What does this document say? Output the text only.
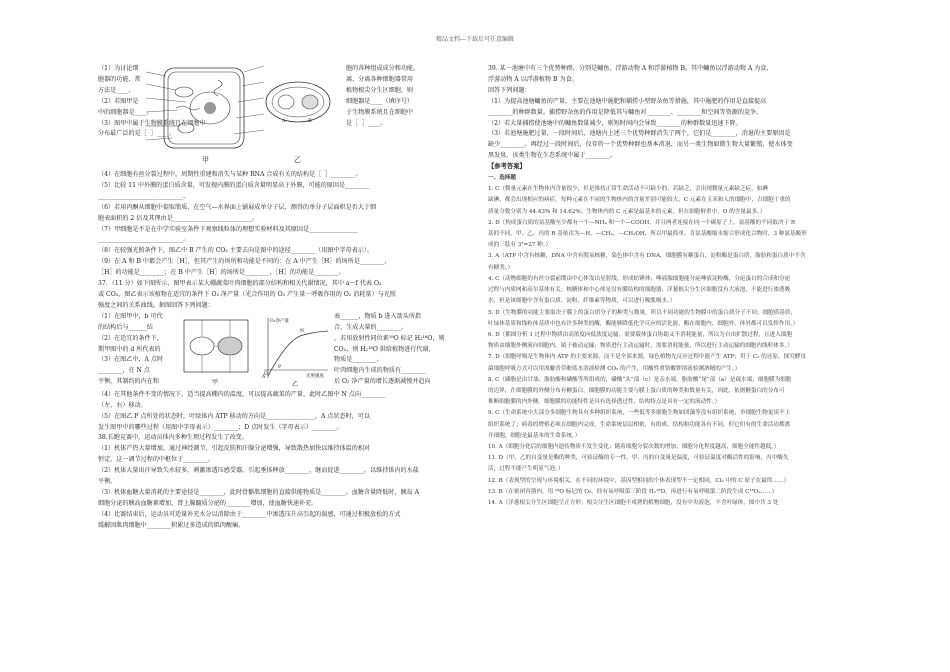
精品文档---下载后可任意编辑

（1）为讨论细

胞器的功能，常

方法是____。

（2）若图甲是

中的细胞器是____。

（3）图甲中属于生物膜系统且在细胞中

分布最广泛的是［  ］____。

甲
A	B
乙

胞的各种组成成分和功能，

离、分离各种细胞器常用

植物根尖分生区细胞，则

细胞器是____（填序号）

于生物膜系统且在细胞中

是［  ］____。

（4）在细胞有丝分裂过程中，周期性重建和消失与某种 RNA 合成有关的结构是［  ］________。

（5）比较 11 中外膜的蛋白质含量，可发现内膜的蛋白质含量明显高于外膜，可能的原因是________

____________________________。

（6）若用丙酮从细胞中提取脂质，在空气—水界面上铺展成单分子层，测得的单分子层面积是否大于细

胞表面积的 2 倍及其理由是__________________________。

（7）甲细胞是不是在中学实验室条件下观察线粒体的理想实验材料及其原因是________________

____________________________。

（8）在较强光照条件下，图乙中 B 产生的 CO₂ 主要去向是图中的途径________（用图中字母表示）。

（9）在 A 和 B 中都会产生［H］，但其产生的场所和功能是不同的：在 A 中产生［H］的场所是________，

［H］的功能是________；在 B 中产生［H］的场所是________，［H］的功能是________。

37．（11 分）如下图所示，图甲表示某大棚蔬菜叶肉细胞的部分结构和相关代谢情况，其中 a～f 代表 O₂

或 CO₂，图乙表示该植物在适宜的条件下 O₂ 净产量（光合作用的 O₂ 产生量－呼吸作用的 O₂ 消耗量）与光照

强度之间的关系曲线。据图回答下列问题：

（1）在图甲中，b 可代

的结构后与______结

（2）在适宜的条件下，

期甲图中的 d 所代表的

（3）在图乙中，A 点时

________，在 N 点

平衡，其制约的内在和	甲
O₂净产量
光照强度
N
A
P
O
乙

表______，物质 b 进入箭头所指

合，生成大量的________。

，若用放射性同位素¹⁸O 标记 H₂¹⁸O，则

CO₂，则 H₂¹⁸O 供给植物进行代谢，

物质是________。

叶肉细胞内生成的物质有________

后 O₂ 净产量的增长逐渐减慢并趋向

（4）在其他条件不变的情况下，适当提高棚内的温度，可以提高蔬菜的产量，此时乙图中 N 点向________

（左、右）移动。

（5）在图乙 P 点所处的状态时，叶绿体内 ATP 移动的方向是________________，A 点状态时，可以

发生图甲中的哪些过程（用图中字母表示）________；D 点时发生（字母表示）________。

38.长跑竞赛中，运动员体内多种生理过程发生了改变。

（1）机体产热大量增加，通过神经调节，引起皮肤和汗腺分泌增强，导致散热加快以维持体温的相对

恒定，这一调节过程的中枢位于________。

（2）机体大量出汗导致失水较多，刺激渗透压感受器，引起垂体释放________，继而促进________，以维持体内的水盐

平衡。

（3）机体血糖大量消耗的主要途径是________，此时骨骼肌细胞的直接供能物质是________。血糖含量降低时，胰岛 A

细胞分泌的胰高血糖素增加，肾上腺髓质分泌的________增加，使血糖快速补充。

（4）比赛结束后，运动员可适量补充水分以消除由于________中渗透压升高引起的渴感，可通过积极放松的方式

缓解因肌肉细胞中________积累过多造成的肌肉酸痛。

39. 某一池塘中有三个优势种群，分别是鳙鱼、浮游动物 A 和浮游植物 B，其中鳙鱼以浮游动物 A 为食，

浮游动物 A 以浮游植物 B 为食。

回答下列问题：

（1）为提高池塘鳙鱼的产量，主要在池塘中施肥和捕捞小型野杂鱼等措施，其中施肥的作用是直接提高

________的种群数量。捕捞野杂鱼的作用是降低其与鳙鱼对________、________和空间等资源的竞争。

（2）若大量捕捞使池塘中的鳙鱼数量减少，则短时间内会导致________的种群数量迅速下降。

（3）若池塘施肥过量，一段时间后，池塘内上述三个优势种群消失了两个，它们是________，消退的主要原因是

缺少________。再经过一段时间后，仅存的一个优势种群也基本消退，而另一类生物如微生物大量繁殖，使水体变

黑发臭，该类生物在生态系统中属于________。

【参考答案】

一、选择题

1. C（微量元素在生物体内含量很少，但是维持正常生命活动不可缺少的，若缺乏，会出现微量元素缺乏症，如碘

缺碘，都会出现相应的病症。每种元素在不同的生物体内的含量差别可能较大，C 元素在玉米和人的细胞中，占细胞干重的

质量分数分别为 44.43% 和 14.62%；生物体内的 C 元素是最基本的元素，但在细胞鲜重中，O 的含量最多。）

2. D（构成蛋白质的氨基酸至少都有一个—NH₂ 和一个—COOH，并且两者连接在同一个碳原子上。氨基酸的不同取决于 R

基的不同，甲、乙、丙的 R 基依次为—H、—CH₃、—CH₂OH，所以甲最简单，肯氨基酸缩水缩合形成化合物时，3 种氨基酸形

成的三肽有 3³=27 种。）

3. A（ATP 中含有核糖，DNA 中含有脱氧核糖，染色体中含有 DNA，细胞膜有糖蛋白，淀粉酶是蛋白质，脂肪和蛋白质中不含

有糖类。）

4. C（动物细胞的有丝分裂前期由中心体发出星射线，形成纺锤体；唾液腺细胞能分泌唾液淀粉酶，分泌蛋白的合成和分泌

过程与内质网和高尔基体有关；核糖体和中心体是没有膜结构的细胞器；洋葱根尖分生区细胞没有大液泡，不能进行渗透吸

水，但是该细胞中含有蛋白质、淀粉、纤维素等物质，可以进行吸胀吸水。）

5. D（生物膜的功能主要取决于膜上的蛋白质分子的种类与数量，所以不同功能的生物膜中的蛋白质分子不同；细胞质基质、

叶绿体基质和线粒体基质中也有许多种类的酶，酶能够降低化学反应的活化能，酶在细胞内、细胞外、体外都可以发挥作用。）

6. D（都图分析 1 过程中物质由高浓度向低浓度运输，需要载体蛋白协助又不消耗能量，所以为自由扩散过程，且进入细胞

物质由细胞外侧流向细胞内，属于被动运输；物质进行主动运输时，需要消耗能量，所以进行主动运输的细胞内线粒体多。）

7. D（细胞呼吸是生物体内 ATP 的主要来源，而不是全部来源，绿色植物光反应过程中能产生 ATP；用于 C₃ 的还原，探究酵母

菌细胞呼吸方式可以用溴麝香草酚蓝水溶液检测 CO₂ 的产生，用酸性重铬酸钾溶液检测酒精的产生。）

8. C（磷脂是由甘油、脂肪酸和磷酸等所组成的，磷酸“头”部（c）是亲水端，脂肪酸“尾”部（a）是疏水端，细胞膜为细胞

的边界，在细胞膜的外侧分布有糖蛋白，细胞膜的功能主要与膜上蛋白质的种类和数量有关，因此，依据糖蛋白的分布可

推断细胞膜的内外侧。细胞膜的功能特性是具有选择透过性，结构特点是具有一定的流动性。）

9. C（生命系统中大部分多细胞生物具有多种组织系统，一些低等多细胞生物如团藻等没有组织系统，单细胞生物更谈不上

组织系统了；病毒的增殖必须在细胞内完成，生命系统层层相依，有组成、结构和功能各有不同，但它们有的生命活动都离

开细胞，细胞是最基本的生命系统。）

10. A（细胞分化后的细胞内遗传物质不发生变化；随着细胞分裂次数的增加，细胞分化程度越高，细胞全能性越低。）

11. D（甲、乙的自变量是酶的种类，可验证酶的专一性，甲、丙的自变量是温度，可验证温度对酶活性的影响，丙中酶失

活，过程不能产生明显气泡。）

12. B（表现型的呈现与环境相关，在不同的环境中，基因型相同的个体表现型不一定相同，Cl₃ 中的 C 原子在最终……）

13. B（在密闭容器内，用 ¹⁸O 标记的 O₂，经有氧呼吸第三阶段 H₂¹⁸O，再进行有氧呼吸第二阶段生成 C¹⁸O₂……）

14. A（洋葱根尖分生区细胞呈正方形；根尖分生区细胞不成熟的植物细胞，没有中央液泡，不含叶绿体，图中共 3 处
